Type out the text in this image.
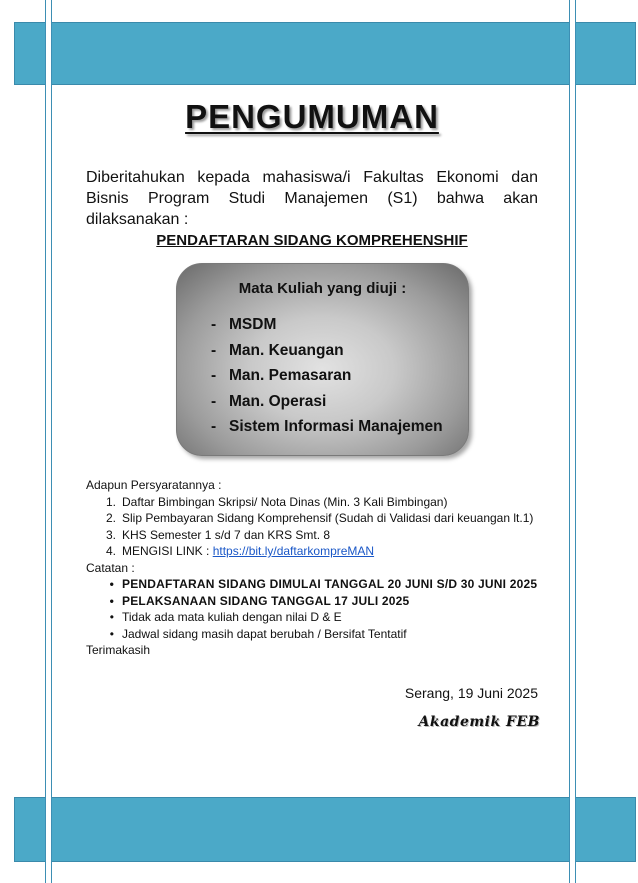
PENGUMUMAN
Diberitahukan kepada mahasiswa/i Fakultas Ekonomi dan
Bisnis Program Studi Manajemen (S1) bahwa akan
dilaksanakan :
PENDAFTARAN SIDANG KOMPREHENSHIF
Mata Kuliah yang diuji :
- MSDM
- Man. Keuangan
- Man. Pemasaran
- Man. Operasi
- Sistem Informasi Manajemen
Adapun Persyaratannya :
1. Daftar Bimbingan Skripsi/ Nota Dinas (Min. 3 Kali Bimbingan)
2. Slip Pembayaran Sidang Komprehensif (Sudah di Validasi dari keuangan lt.1)
3. KHS Semester 1 s/d 7 dan KRS Smt. 8
4. MENGISI LINK : https://bit.ly/daftarkompreMAN
Catatan :
• PENDAFTARAN SIDANG DIMULAI TANGGAL 20 JUNI S/D 30 JUNI 2025
• PELAKSANAAN SIDANG TANGGAL 17 JULI 2025
• Tidak ada mata kuliah dengan nilai D & E
• Jadwal sidang masih dapat berubah / Bersifat Tentatif
Terimakasih
Serang, 19 Juni 2025
Akademik FEB
